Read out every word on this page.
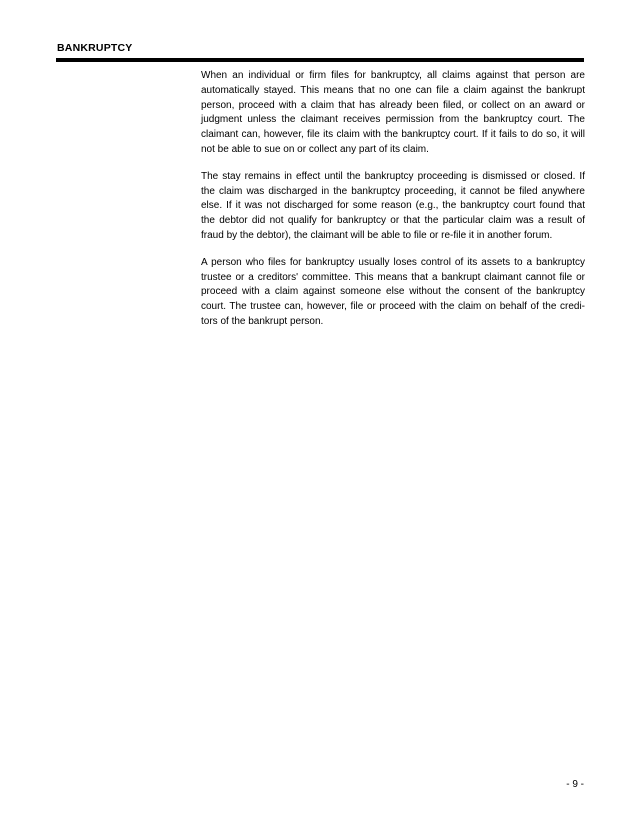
BANKRUPTCY

When an individual or firm files for bankruptcy, all claims against that person are automatically stayed. This means that no one can file a claim against the bankrupt person, proceed with a claim that has already been filed, or collect on an award or judgment unless the claimant receives permission from the bankruptcy court. The claimant can, however, file its claim with the bankruptcy court. If it fails to do so, it will not be able to sue on or collect any part of its claim.

The stay remains in effect until the bankruptcy proceeding is dismissed or closed. If the claim was discharged in the bankruptcy proceeding, it cannot be filed anywhere else. If it was not discharged for some reason (e.g., the bankruptcy court found that the debtor did not qualify for bankruptcy or that the particular claim was a result of fraud by the debtor), the claimant will be able to file or re-file it in another forum.

A person who files for bankruptcy usually loses control of its assets to a bankruptcy trustee or a creditors' committee. This means that a bankrupt claimant cannot file or proceed with a claim against someone else without the consent of the bankruptcy court. The trustee can, however, file or proceed with the claim on behalf of the credi-tors of the bankrupt person.

- 9 -
